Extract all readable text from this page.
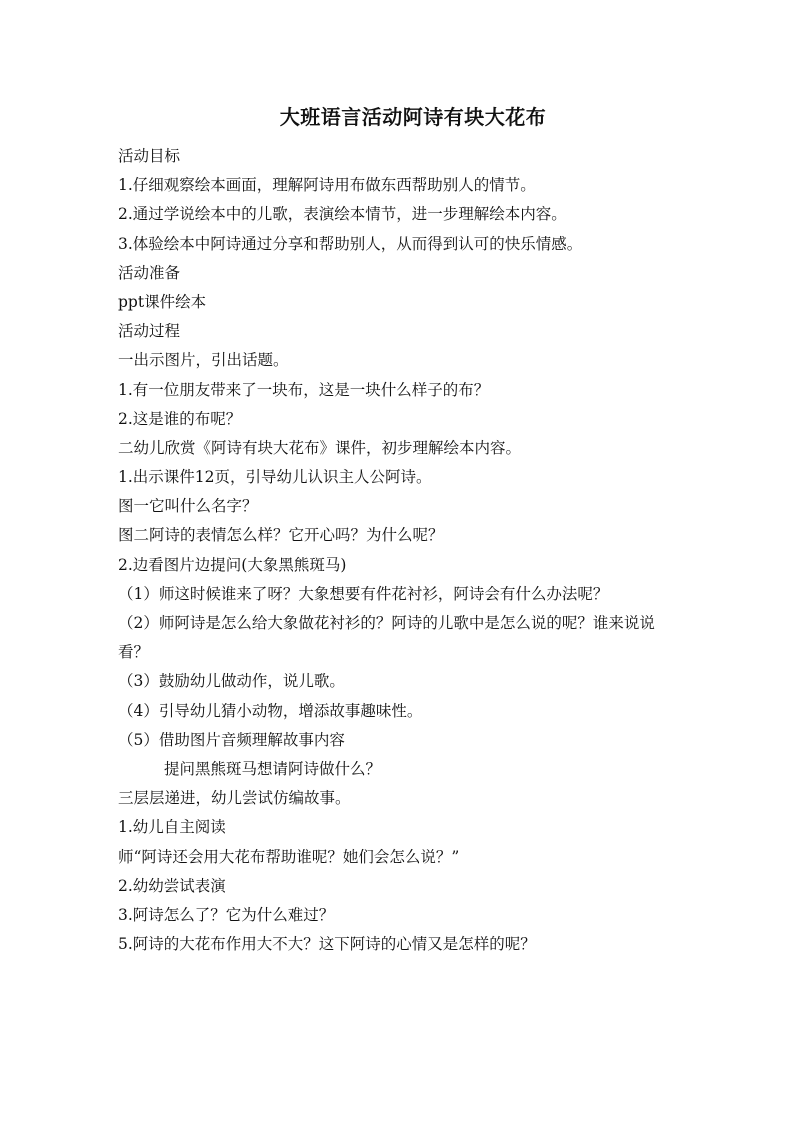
大班语言活动阿诗有块大花布
活动目标
1.仔细观察绘本画面，理解阿诗用布做东西帮助别人的情节。
2.通过学说绘本中的儿歌，表演绘本情节，进一步理解绘本内容。
3.体验绘本中阿诗通过分享和帮助别人，从而得到认可的快乐情感。
活动准备
ppt课件绘本
活动过程
一出示图片，引出话题。
1.有一位朋友带来了一块布，这是一块什么样子的布？
2.这是谁的布呢？
二幼儿欣赏《阿诗有块大花布》课件，初步理解绘本内容。
1.出示课件12页，引导幼儿认识主人公阿诗。
图一它叫什么名字？
图二阿诗的表情怎么样？它开心吗？为什么呢？
2.边看图片边提问(大象黑熊斑马)
（1）师这时候谁来了呀？大象想要有件花衬衫，阿诗会有什么办法呢？
（2）师阿诗是怎么给大象做花衬衫的？阿诗的儿歌中是怎么说的呢？谁来说说
看？
（3）鼓励幼儿做动作，说儿歌。
（4）引导幼儿猜小动物，增添故事趣味性。
（5）借助图片音频理解故事内容
提问黑熊斑马想请阿诗做什么？
三层层递进，幼儿尝试仿编故事。
1.幼儿自主阅读
师“阿诗还会用大花布帮助谁呢？她们会怎么说？”
2.幼幼尝试表演
3.阿诗怎么了？它为什么难过？
5.阿诗的大花布作用大不大？这下阿诗的心情又是怎样的呢？
